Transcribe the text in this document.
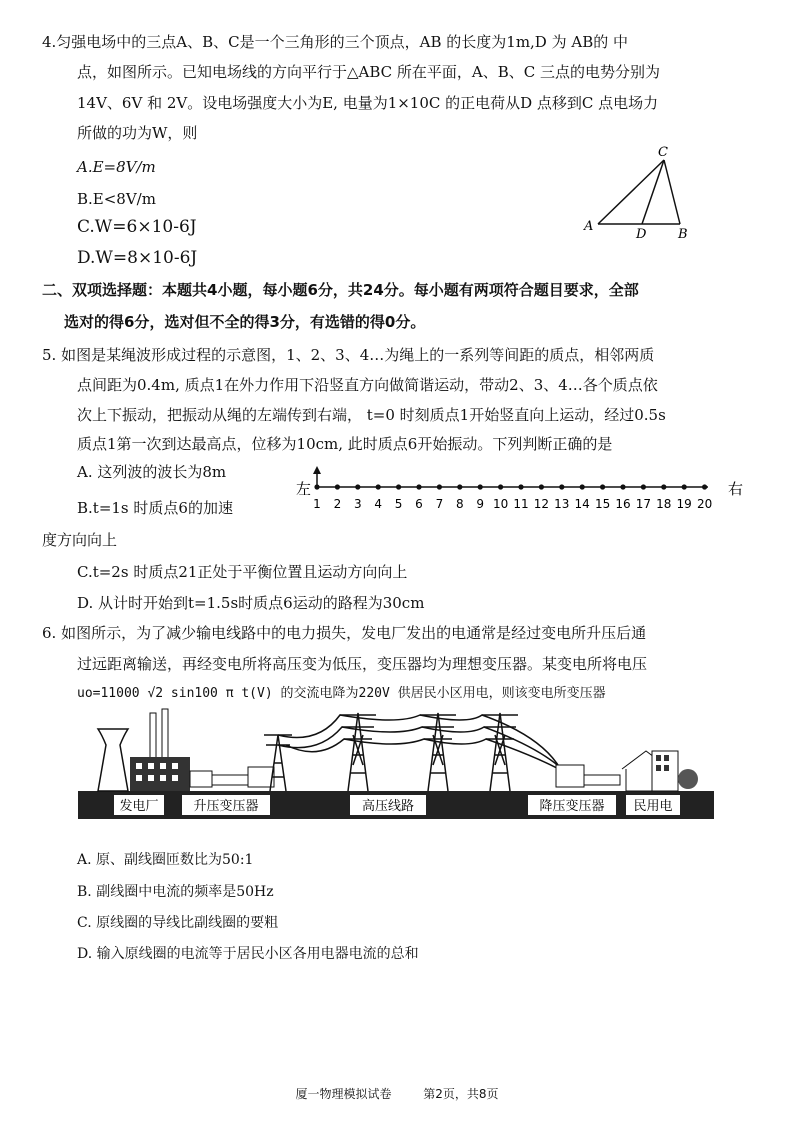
4.匀强电场中的三点A、B、C是一个三角形的三个顶点，AB 的长度为1m,D 为 AB的 中
点，如图所示。已知电场线的方向平行于△ABC 所在平面，A、B、C 三点的电势分别为
14V、6V 和 2V。设电场强度大小为E, 电量为1×10C 的正电荷从D 点移到C 点电场力
所做的功为W，则
A.E=8V/m
B.E<8V/m
C.W=6×10-6J
D.W=8×10-6J
A
B
C
D
二、双项选择题：本题共4小题，每小题6分，共24分。每小题有两项符合题目要求，全部
选对的得6分，选对但不全的得3分，有选错的得0分。
5. 如图是某绳波形成过程的示意图，1、2、3、4…为绳上的一系列等间距的质点，相邻两质
点间距为0.4m, 质点1在外力作用下沿竖直方向做简谐运动，带动2、3、4…各个质点依
次上下振动，把振动从绳的左端传到右端， t=0 时刻质点1开始竖直向上运动，经过0.5s
质点1第一次到达最高点，位移为10cm, 此时质点6开始振动。下列判断正确的是
A. 这列波的波长为8m
B.t=1s 时质点6的加速
度方向向上
C.t=2s 时质点21正处于平衡位置且运动方向向上
D. 从计时开始到t=1.5s时质点6运动的路程为30cm
左	右
1 2 3 4 5 6 7 8 9 10 11 12 13 14 15 16 17 18 19 20
6. 如图所示，为了减少输电线路中的电力损失，发电厂发出的电通常是经过变电所升压后通
过远距离输送，再经变电所将高压变为低压，变压器均为理想变压器。某变电所将电压
uo=11000 √2 sin100 π t(V) 的交流电降为220V 供居民小区用电，则该变电所变压器
发电厂	升压变压器	高压线路	降压变压器 民用电
A. 原、副线圈匝数比为50:1
B. 副线圈中电流的频率是50Hz
C. 原线圈的导线比副线圈的要粗
D. 输入原线圈的电流等于居民小区各用电器电流的总和
厦一物理模拟试卷	第2页，共8页
